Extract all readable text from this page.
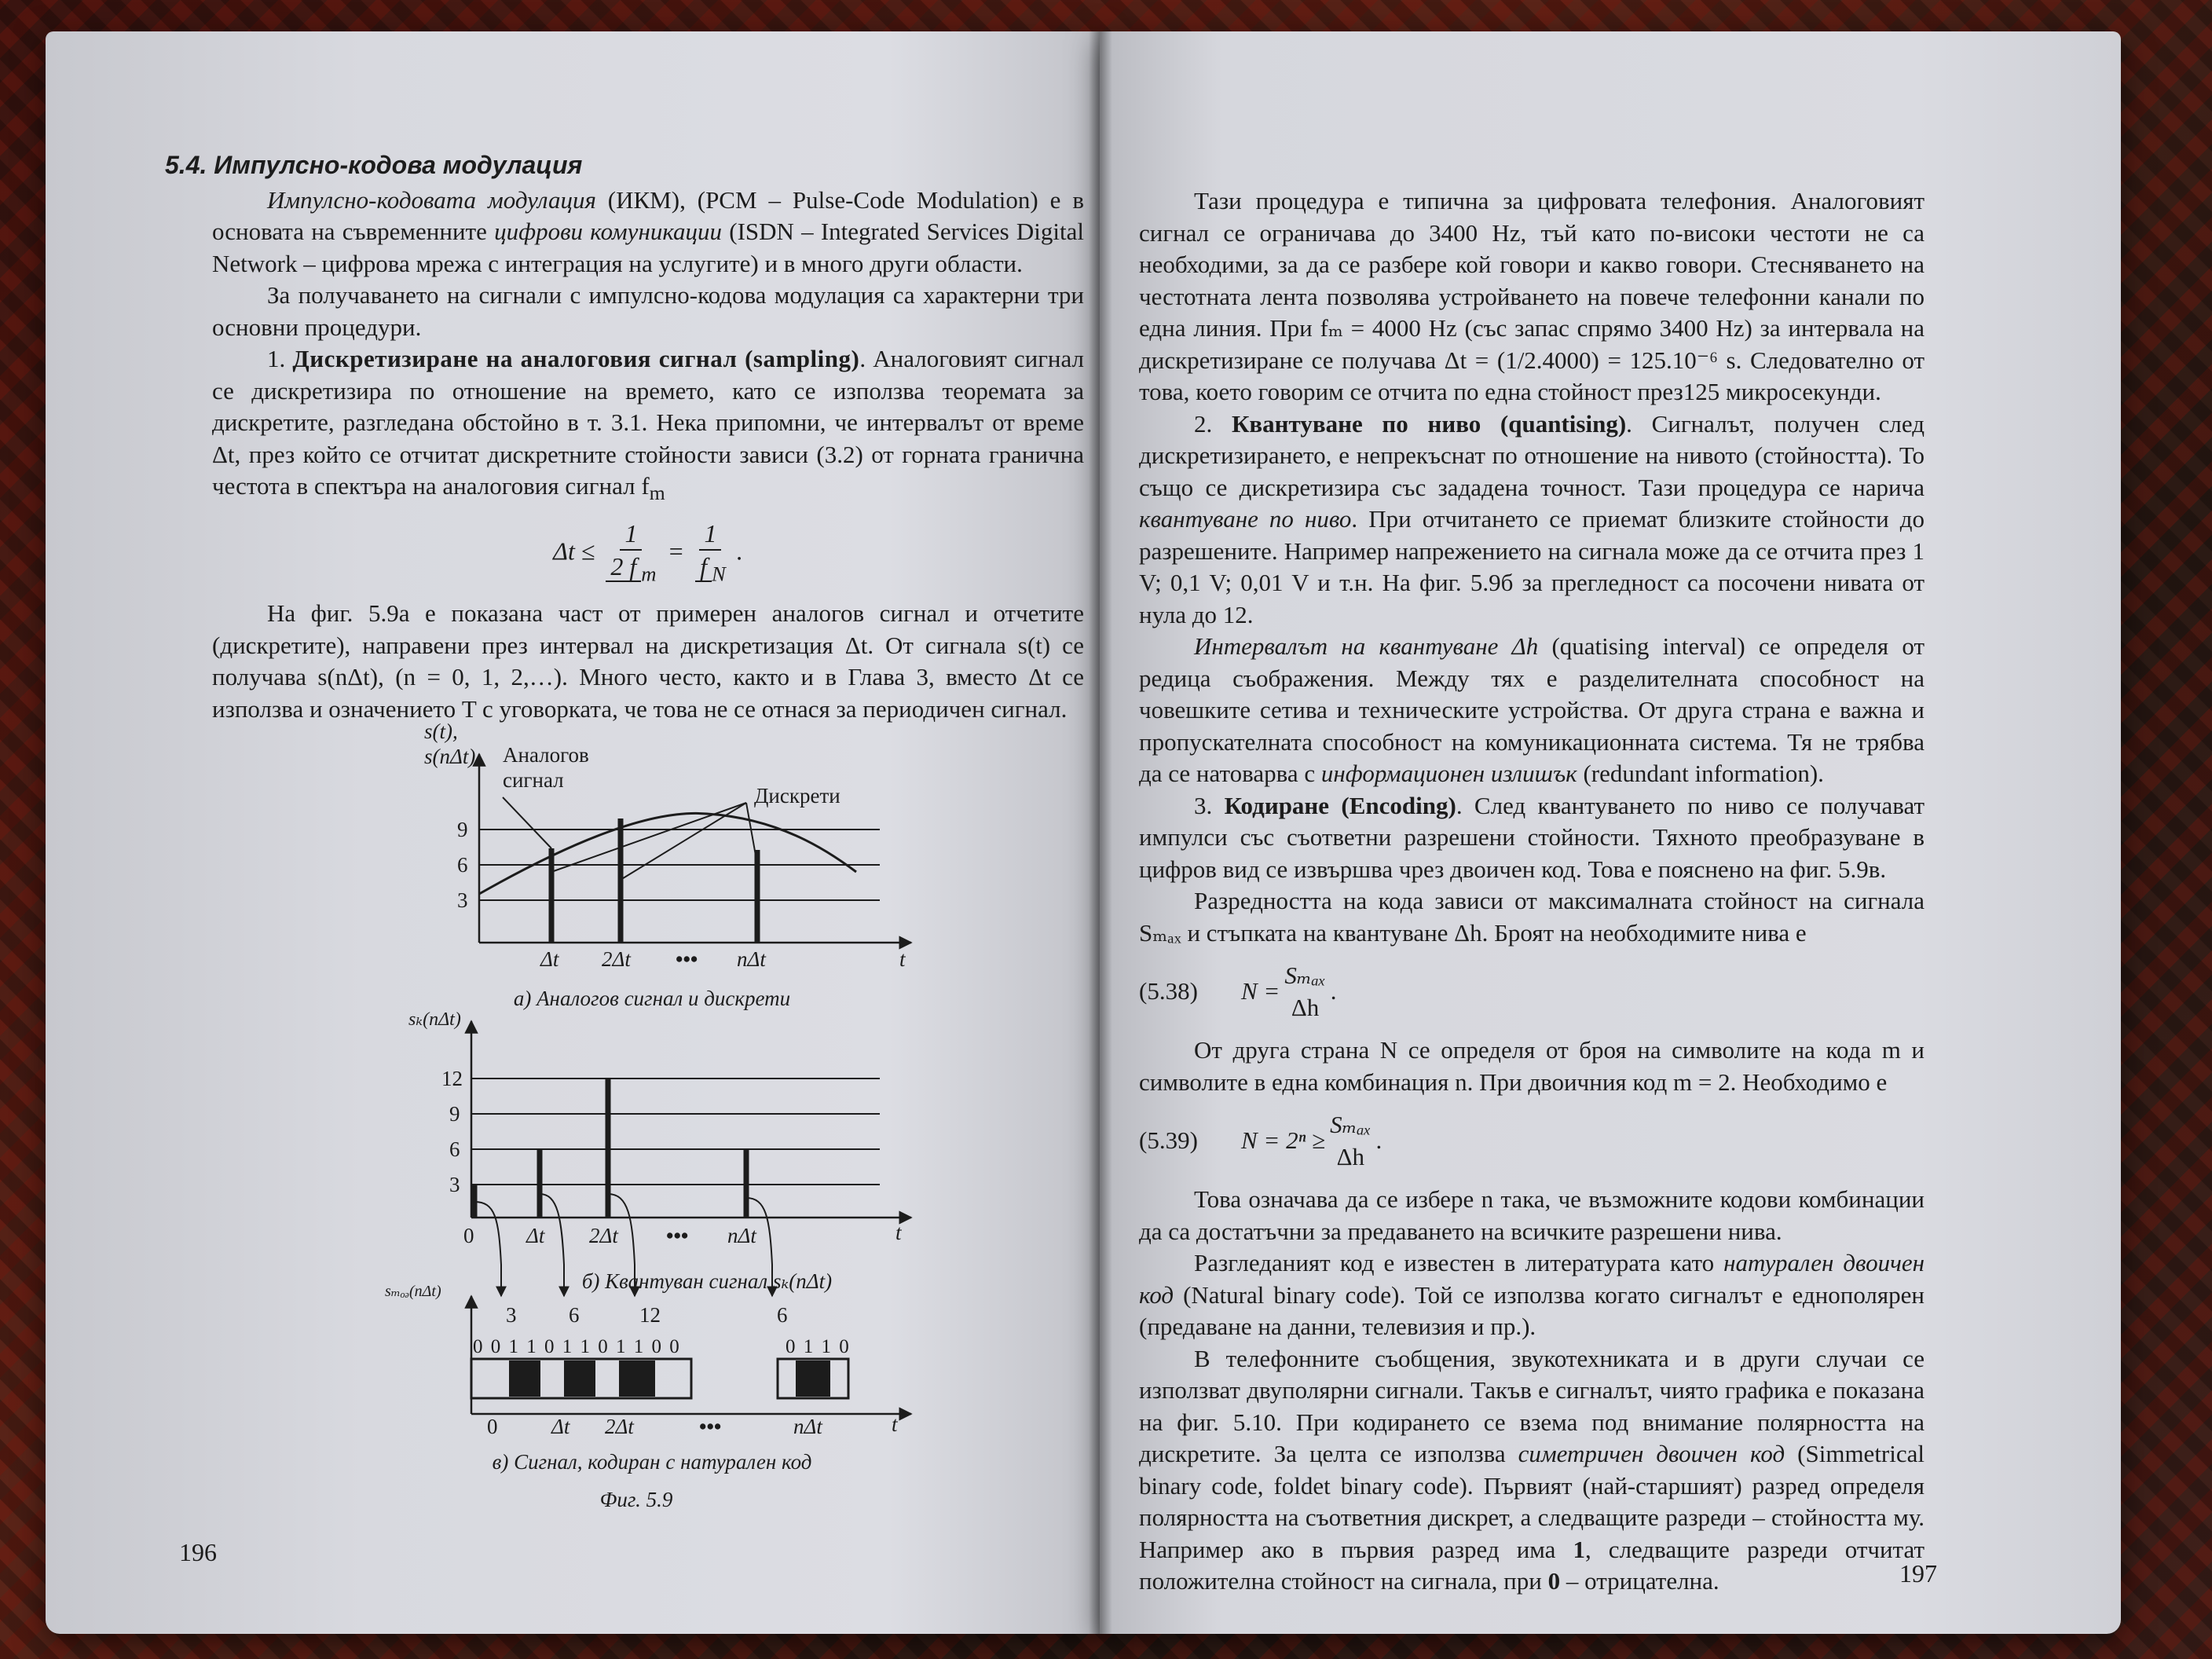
5.4. Импулсно-кодова модулация

Импулсно-кодовата модулация (ИКМ), (PCM – Pulse-Code Modulation) е в основата на съвременните цифрови комуникации (ISDN – Integrated Services Digital Network – цифрова мрежа с интеграция на услугите) и в много други области.

За получаването на сигнали с импулсно-кодова модулация са характерни три основни процедури.

1. Дискретизиране на аналоговия сигнал (sampling). Аналоговият сигнал се дискретизира по отношение на времето, като се използва теоремата за дискретите, разгледана обстойно в т. 3.1. Нека припомни, че интервалът от време Δt, през който се отчитат дискретните стойности зависи (3.2) от горната гранична честота в спектъра на аналоговия сигнал $f_m$

$\Delta t \le \frac{1}{2 f _m} = \frac{1}{f _N}$ .

На фиг. 5.9а е показана част от примерен аналогов сигнал и отчетите (дискретите), направени през интервал на дискретизация Δt. От сигнала s(t) се получава s(nΔt), (n = 0, 1, 2,…). Много често, както и в Глава 3, вместо Δt се използва и означението T с уговорката, че това не се отнася за периодичен сигнал.

s(t),
s(nΔt) Аналогов
сигнал
Дискрети
9
6
3
Δt 2Δt ••• nΔt	t
а) Аналогов сигнал и дискрети
sₖ(nΔt)
12
9
6
3
0 Δt 2Δt ••• nΔt	t
б) Квантуван сигнал sₖ(nΔt)
sₘₒₔ(nΔt)
3 6	12	6
0 0 1 1 0 1 1 0 1 1 0 0	0 1 1 0
0	Δt 2Δt	•••	nΔt	t
в) Сигнал, кодиран с натурален код
Фиг. 5.9
196

Тази процедура е типична за цифровата телефония. Аналоговият сигнал се ограничава до 3400 Hz, тъй като по-високи честоти не са необходими, за да се разбере кой говори и какво говори. Стесняването на честотната лента позволява устройването на повече телефонни канали по една линия. При fₘ = 4000 Hz (със запас спрямо 3400 Hz) за интервала на дискретизиране се получава Δt = (1/2.4000) = 125.10⁻⁶ s. Следователно от това, което говорим се отчита по една стойност през125 микросекунди.

2. Квантуване по ниво (quantising). Сигналът, получен след дискретизирането, е непрекъснат по отношение на нивото (стойността). То също се дискретизира със зададена точност. Тази процедура се нарича квантуване по ниво. При отчитането се приемат близките стойности до разрешените. Например напрежението на сигнала може да се отчита през 1 V; 0,1 V; 0,01 V и т.н. На фиг. 5.9б за прегледност са посочени нивата от нула до 12.

Интервалът на квантуване Δh (quatising interval) се определя от редица съображения. Между тях е разделителната способност на човешките сетива и техническите устройства. От друга страна е важна и пропускателната способност на комуникационната система. Тя не трябва да се натоварва с информационен излишък (redundant information).

3. Кодиране (Encoding). След квантуването по ниво се получават импулси със съответни разрешени стойности. Тяхното преобразуване в цифров вид се извършва чрез двоичен код. Това е пояснено на фиг. 5.9в.

Разредността на кода зависи от максималната стойност на сигнала Sₘₐₓ и стъпката на квантуване Δh. Броят на необходимите нива е

(5.38)	N =
Sₘₐₓ
Δh
.

От друга страна N се определя от броя на символите на кода m и символите в една комбинация n. При двоичния код m = 2. Необходимо е

(5.39)	N = 2ⁿ ≥
Sₘₐₓ
Δh
.

Това означава да се избере n така, че възможните кодови комбинации да са достатъчни за предаването на всичките разрешени нива.

Разгледаният код е известен в литературата като натурален двоичен код (Natural binary code). Той се използва когато сигналът е еднополярен (предаване на данни, телевизия и пр.).

В телефонните съобщения, звукотехниката и в други случаи се използват двуполярни сигнали. Такъв е сигналът, чиято графика е показана на фиг. 5.10. При кодирането се взема под внимание полярността на дискретите. За целта се използва симетричен двоичен код (Simmetrical binary code, foldet binary code). Първият (най-старшият) разред определя полярността на съответния дискрет, а следващите разреди – стойността му. Например ако в първия разред има 1, следващите разреди отчитат положителна стойност на сигнала, при 0 – отрицателна.	197
